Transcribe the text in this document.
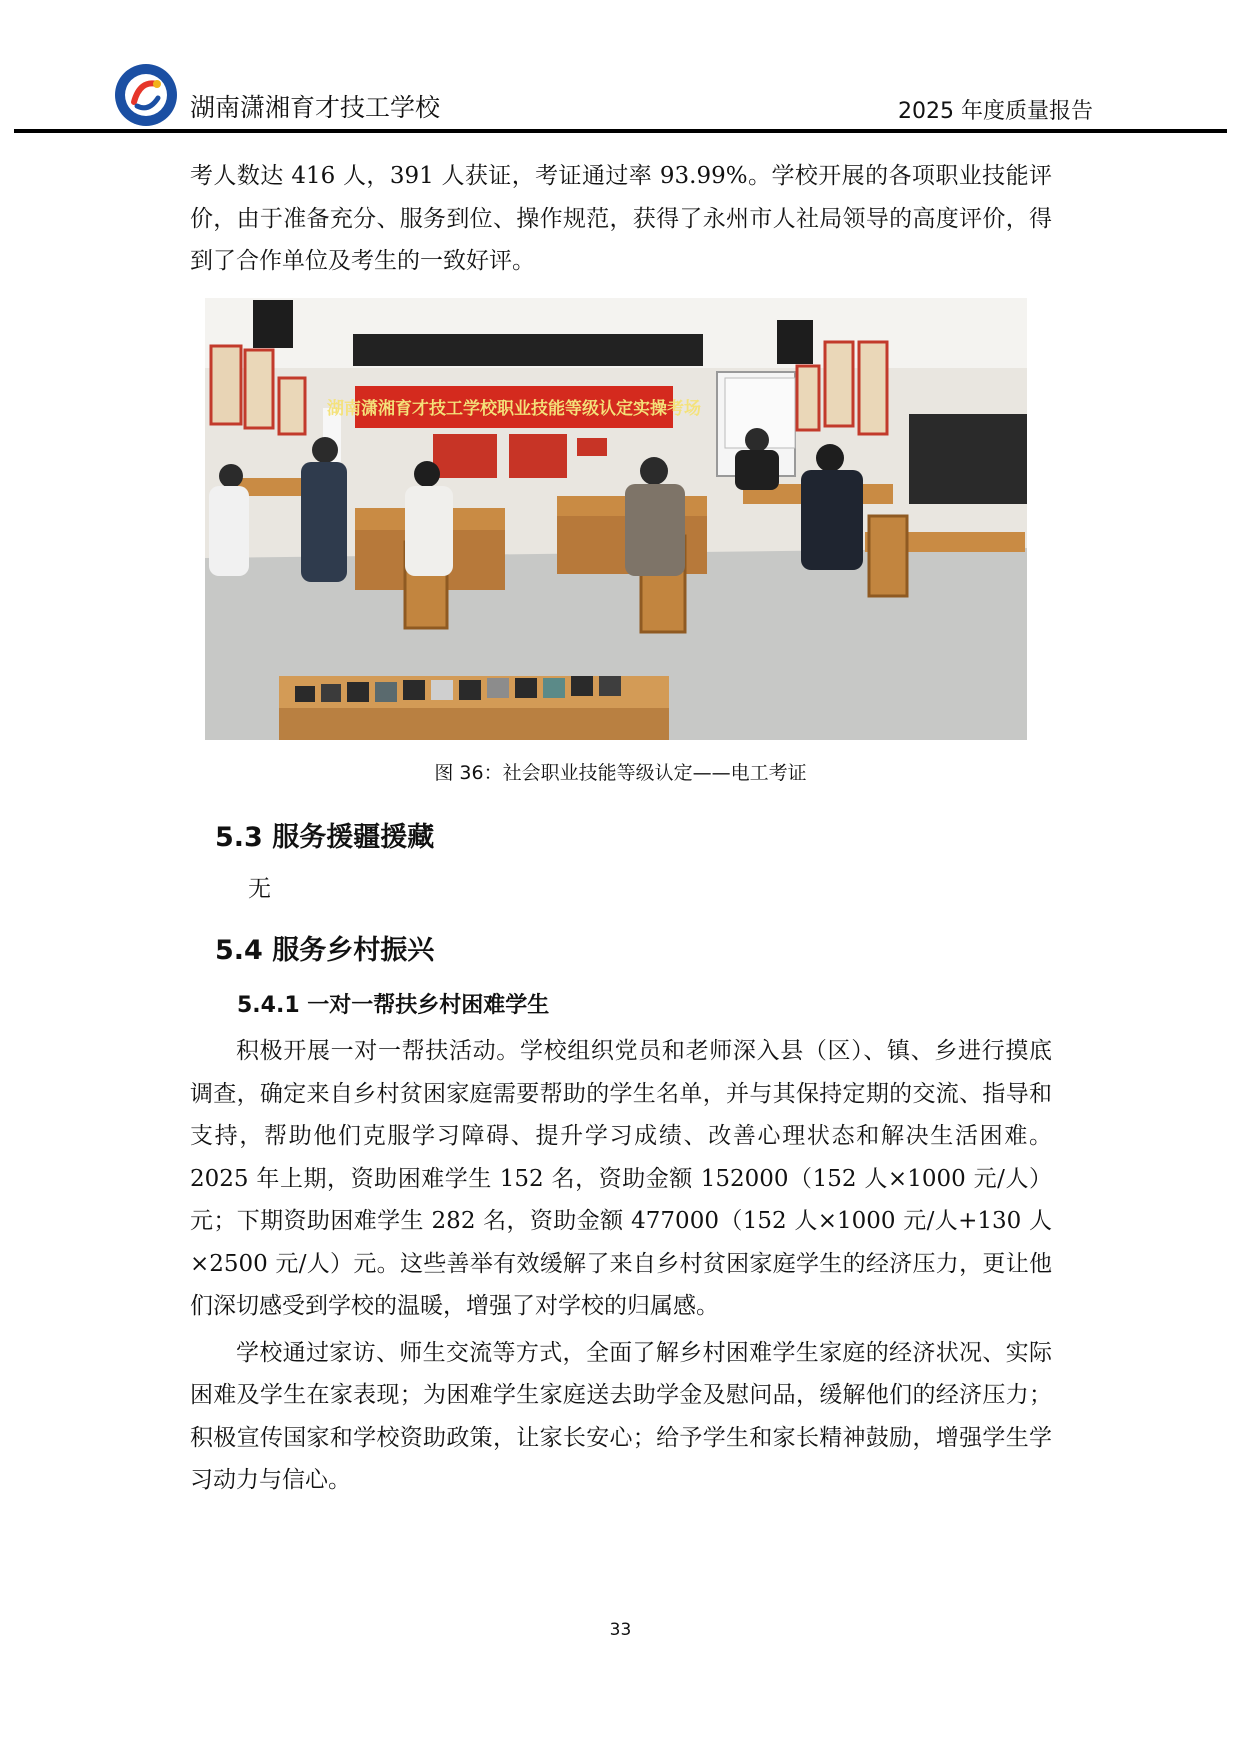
湖南潇湘育才技工学校	2025 年度质量报告

考人数达 416 人，391 人获证，考证通过率 93.99%。学校开展的各项职业技能评价，由于准备充分、服务到位、操作规范，获得了永州市人社局领导的高度评价，得到了合作单位及考生的一致好评。

湖南潇湘育才技工学校职业技能等级认定实操考场
图 36：社会职业技能等级认定——电工考证
5.3 服务援疆援藏
无
5.4 服务乡村振兴
5.4.1 一对一帮扶乡村困难学生

积极开展一对一帮扶活动。学校组织党员和老师深入县（区）、镇、乡进行摸底调查，确定来自乡村贫困家庭需要帮助的学生名单，并与其保持定期的交流、指导和支持，帮助他们克服学习障碍、提升学习成绩、改善心理状态和解决生活困难。2025 年上期，资助困难学生 152 名，资助金额 152000（152 人×1000 元/人）元；下期资助困难学生 282 名，资助金额 477000（152 人×1000 元/人+130 人×2500 元/人）元。这些善举有效缓解了来自乡村贫困家庭学生的经济压力，更让他们深切感受到学校的温暖，增强了对学校的归属感。

学校通过家访、师生交流等方式，全面了解乡村困难学生家庭的经济状况、实际困难及学生在家表现；为困难学生家庭送去助学金及慰问品，缓解他们的经济压力；积极宣传国家和学校资助政策，让家长安心；给予学生和家长精神鼓励，增强学生学习动力与信心。

33
